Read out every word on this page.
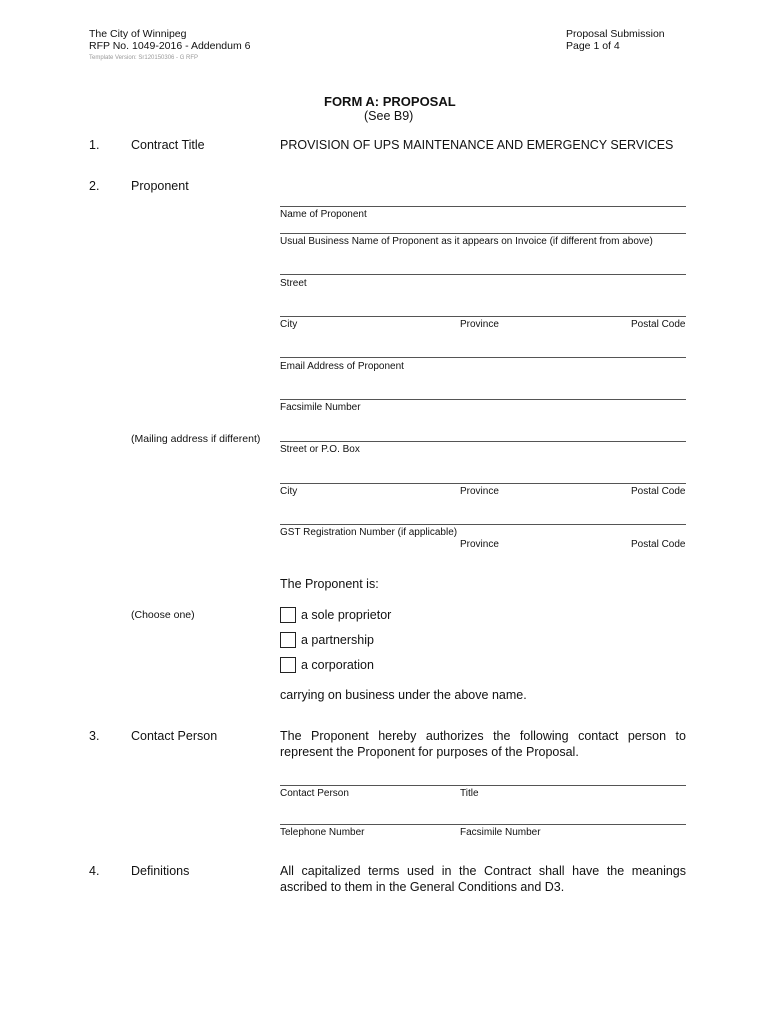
The City of Winnipeg
RFP No. 1049-2016 - Addendum 6
Template Version: Sr120150306 - G RFP
Proposal Submission
Page 1 of 4
FORM A: PROPOSAL
(See B9)
1.	Contract Title	PROVISION OF UPS MAINTENANCE AND EMERGENCY SERVICES
2.	Proponent
Name of Proponent
Usual Business Name of Proponent as it appears on Invoice (if different from above)
Street
City	Province	Postal Code
Email Address of Proponent
Facsimile Number
(Mailing address if different)
Street or P.O. Box
City	Province	Postal Code
GST Registration Number (if applicable)
Province	Postal Code
The Proponent is:
(Choose one)	a sole proprietor
a partnership
a corporation
carrying on business under the above name.
3.	Contact Person	The Proponent hereby authorizes the following contact person to represent the Proponent for purposes of the Proposal.
Contact Person	Title
Telephone Number	Facsimile Number
4.	Definitions	All capitalized terms used in the Contract shall have the meanings ascribed to them in the General Conditions and D3.
